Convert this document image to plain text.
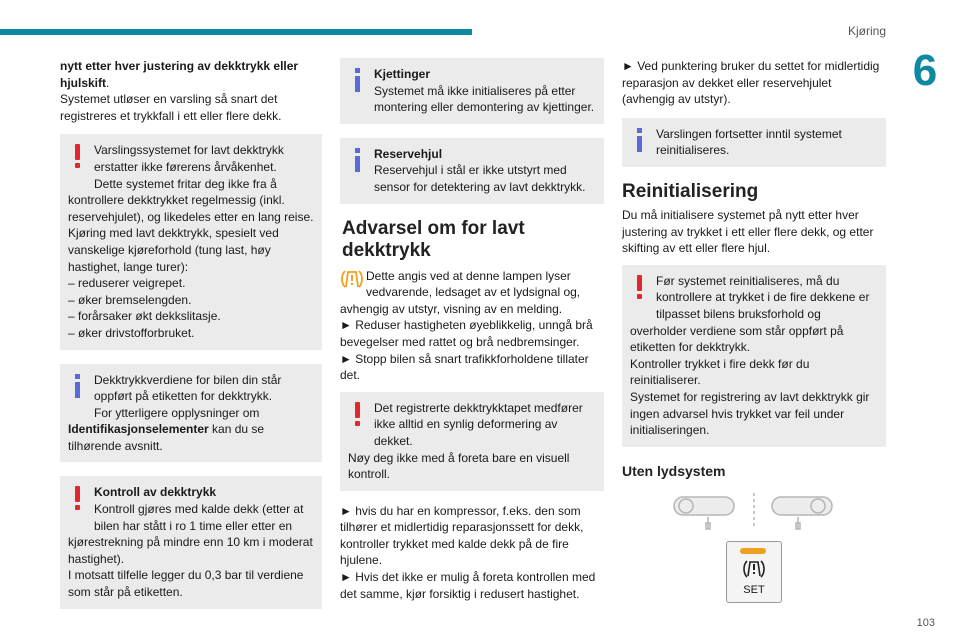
Kjøring
6
103

nytt etter hver justering av dekktrykk eller hjulskift.

Systemet utløser en varsling så snart det registreres et trykkfall i ett eller flere dekk.

Varslingssystemet for lavt dekktrykk erstatter ikke førerens årvåkenhet.

Dette systemet fritar deg ikke fra å kontrollere dekktrykket regelmessig (inkl. reservehjulet), og likedeles etter en lang reise.

Kjøring med lavt dekktrykk, spesielt ved vanskelige kjøreforhold (tung last, høy hastighet, lange turer):

– reduserer veigrepet.

– øker bremselengden.

– forårsaker økt dekkslitasje.

– øker drivstofforbruket.

Dekktrykkverdiene for bilen din står oppført på etiketten for dekktrykk.

For ytterligere opplysninger om Identifikasjonselementer kan du se tilhørende avsnitt.

Kontroll av dekktrykk

Kontroll gjøres med kalde dekk (etter at bilen har stått i ro 1 time eller etter en kjørestrekning på mindre enn 10 km i moderat hastighet).

I motsatt tilfelle legger du 0,3 bar til verdiene som står på etiketten.

Kjettinger

Systemet må ikke initialiseres på etter montering eller demontering av kjettinger.

Reservehjul

Reservehjul i stål er ikke utstyrt med sensor for detektering av lavt dekktrykk.

Advarsel om for lavt dekktrykk

Dette angis ved at denne lampen lyser vedvarende, ledsaget av et lydsignal og, avhengig av utstyr, visning av en melding.

► Reduser hastigheten øyeblikkelig, unngå brå bevegelser med rattet og brå nedbremsinger.

► Stopp bilen så snart trafikkforholdene tillater det.

Det registrerte dekktrykktapet medfører ikke alltid en synlig deformering av dekket.

Nøy deg ikke med å foreta bare en visuell kontroll.

► hvis du har en kompressor, f.eks. den som tilhører et midlertidig reparasjonssett for dekk, kontroller trykket med kalde dekk på de fire hjulene.

► Hvis det ikke er mulig å foreta kontrollen med det samme, kjør forsiktig i redusert hastighet.

► Ved punktering bruker du settet for midlertidig reparasjon av dekket eller reservehjulet (avhengig av utstyr).

Varslingen fortsetter inntil systemet reinitialiseres.

Reinitialisering

Du må initialisere systemet på nytt etter hver justering av trykket i ett eller flere dekk, og etter skifting av ett eller flere hjul.

Før systemet reinitialiseres, må du kontrollere at trykket i de fire dekkene er tilpasset bilens bruksforhold og overholder verdiene som står oppført på etiketten for dekktrykk.

Kontroller trykket i fire dekk før du reinitialiserer.

Systemet for registrering av lavt dekktrykk gir ingen advarsel hvis trykket var feil under initialiseringen.

Uten lydsystem
SET
